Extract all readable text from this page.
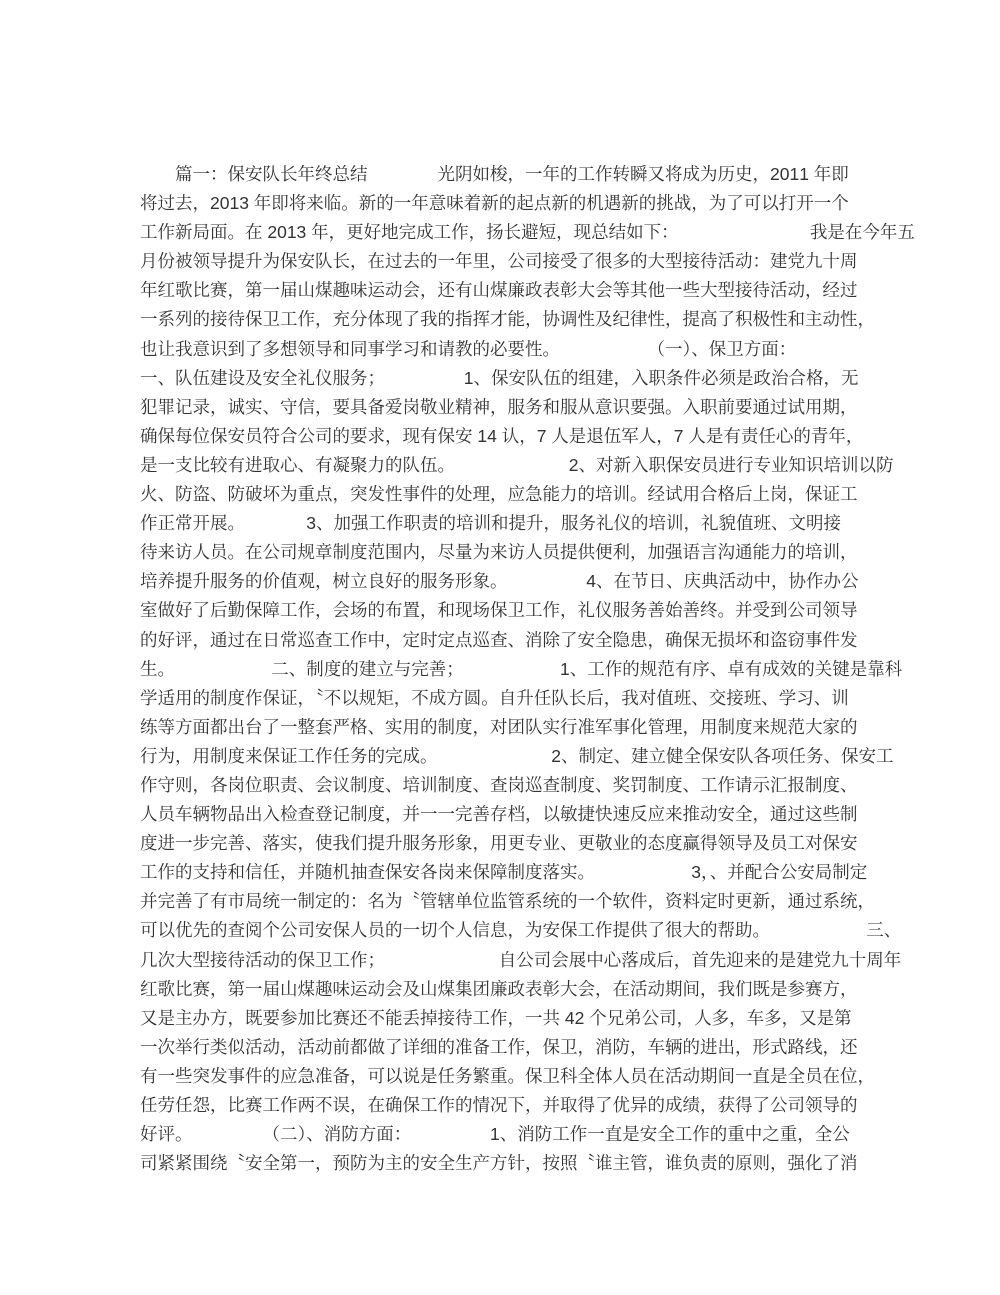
　　篇一：保安队长年终总结　　　　光阴如梭，一年的工作转瞬又将成为历史，2011 年即
将过去，2013 年即将来临。新的一年意味着新的起点新的机遇新的挑战，为了可以打开一个
工作新局面。在 2013 年，更好地完成工作，扬长避短，现总结如下：　　　　　　　　我是在今年五
月份被领导提升为保安队长，在过去的一年里，公司接受了很多的大型接待活动：建党九十周
年红歌比赛，第一届山煤趣味运动会，还有山煤廉政表彰大会等其他一些大型接待活动，经过
一系列的接待保卫工作，充分体现了我的指挥才能，协调性及纪律性，提高了积极性和主动性，
也让我意识到了多想领导和同事学习和请教的必要性。　　　　　　（一）、保卫方面：
一、队伍建设及安全礼仪服务；　　　　　1、保安队伍的组建，入职条件必须是政治合格，无
犯罪记录，诚实、守信，要具备爱岗敬业精神，服务和服从意识要强。入职前要通过试用期，
确保每位保安员符合公司的要求，现有保安 14 认，7 人是退伍军人，7 人是有责任心的青年，
是一支比较有进取心、有凝聚力的队伍。　　　　　　　2、对新入职保安员进行专业知识培训以防
火、防盗、防破坏为重点，突发性事件的处理，应急能力的培训。经试用合格后上岗，保证工
作正常开展。　　　　3、加强工作职责的培训和提升，服务礼仪的培训，礼貌值班、文明接
待来访人员。在公司规章制度范围内，尽量为来访人员提供便利，加强语言沟通能力的培训，
培养提升服务的价值观，树立良好的服务形象。　　　　　4、在节日、庆典活动中，协作办公
室做好了后勤保障工作，会场的布置，和现场保卫工作，礼仪服务善始善终。并受到公司领导
的好评，通过在日常巡查工作中，定时定点巡查、消除了安全隐患，确保无损坏和盗窃事件发
生。　　　　　　二、制度的建立与完善；　　　　　　1、工作的规范有序、卓有成效的关键是靠科
学适用的制度作保证，〝不以规矩，不成方圆。自升任队长后，我对值班、交接班、学习、训
练等方面都出台了一整套严格、实用的制度，对团队实行准军事化管理，用制度来规范大家的
行为，用制度来保证工作任务的完成。　　　　　　　2、制定、建立健全保安队各项任务、保安工
作守则，各岗位职责、会议制度、培训制度、查岗巡查制度、奖罚制度、工作请示汇报制度、
人员车辆物品出入检查登记制度，并一一完善存档，以敏捷快速反应来推动安全，通过这些制
度进一步完善、落实，使我们提升服务形象，用更专业、更敬业的态度赢得领导及员工对保安
工作的支持和信任，并随机抽查保安各岗来保障制度落实。　　　　　　3，、并配合公安局制定
并完善了有市局统一制定的：名为〝管辖单位监管系统的一个软件，资料定时更新，通过系统，
可以优先的查阅个公司安保人员的一切个人信息，为安保工作提供了很大的帮助。　　　　　　三、
几次大型接待活动的保卫工作；　　　　　　　自公司会展中心落成后，首先迎来的是建党九十周年
红歌比赛，第一届山煤趣味运动会及山煤集团廉政表彰大会，在活动期间，我们既是参赛方，
又是主办方，既要参加比赛还不能丢掉接待工作，一共 42 个兄弟公司，人多，车多，又是第
一次举行类似活动，活动前都做了详细的准备工作，保卫，消防，车辆的进出，形式路线，还
有一些突发事件的应急准备，可以说是任务繁重。保卫科全体人员在活动期间一直是全员在位，
任劳任怨，比赛工作两不误，在确保工作的情况下，并取得了优异的成绩，获得了公司领导的
好评。　　　　　（二）、消防方面：　　　　　1、消防工作一直是安全工作的重中之重，全公
司紧紧围绕〝安全第一，预防为主的安全生产方针，按照〝谁主管，谁负责的原则，强化了消
